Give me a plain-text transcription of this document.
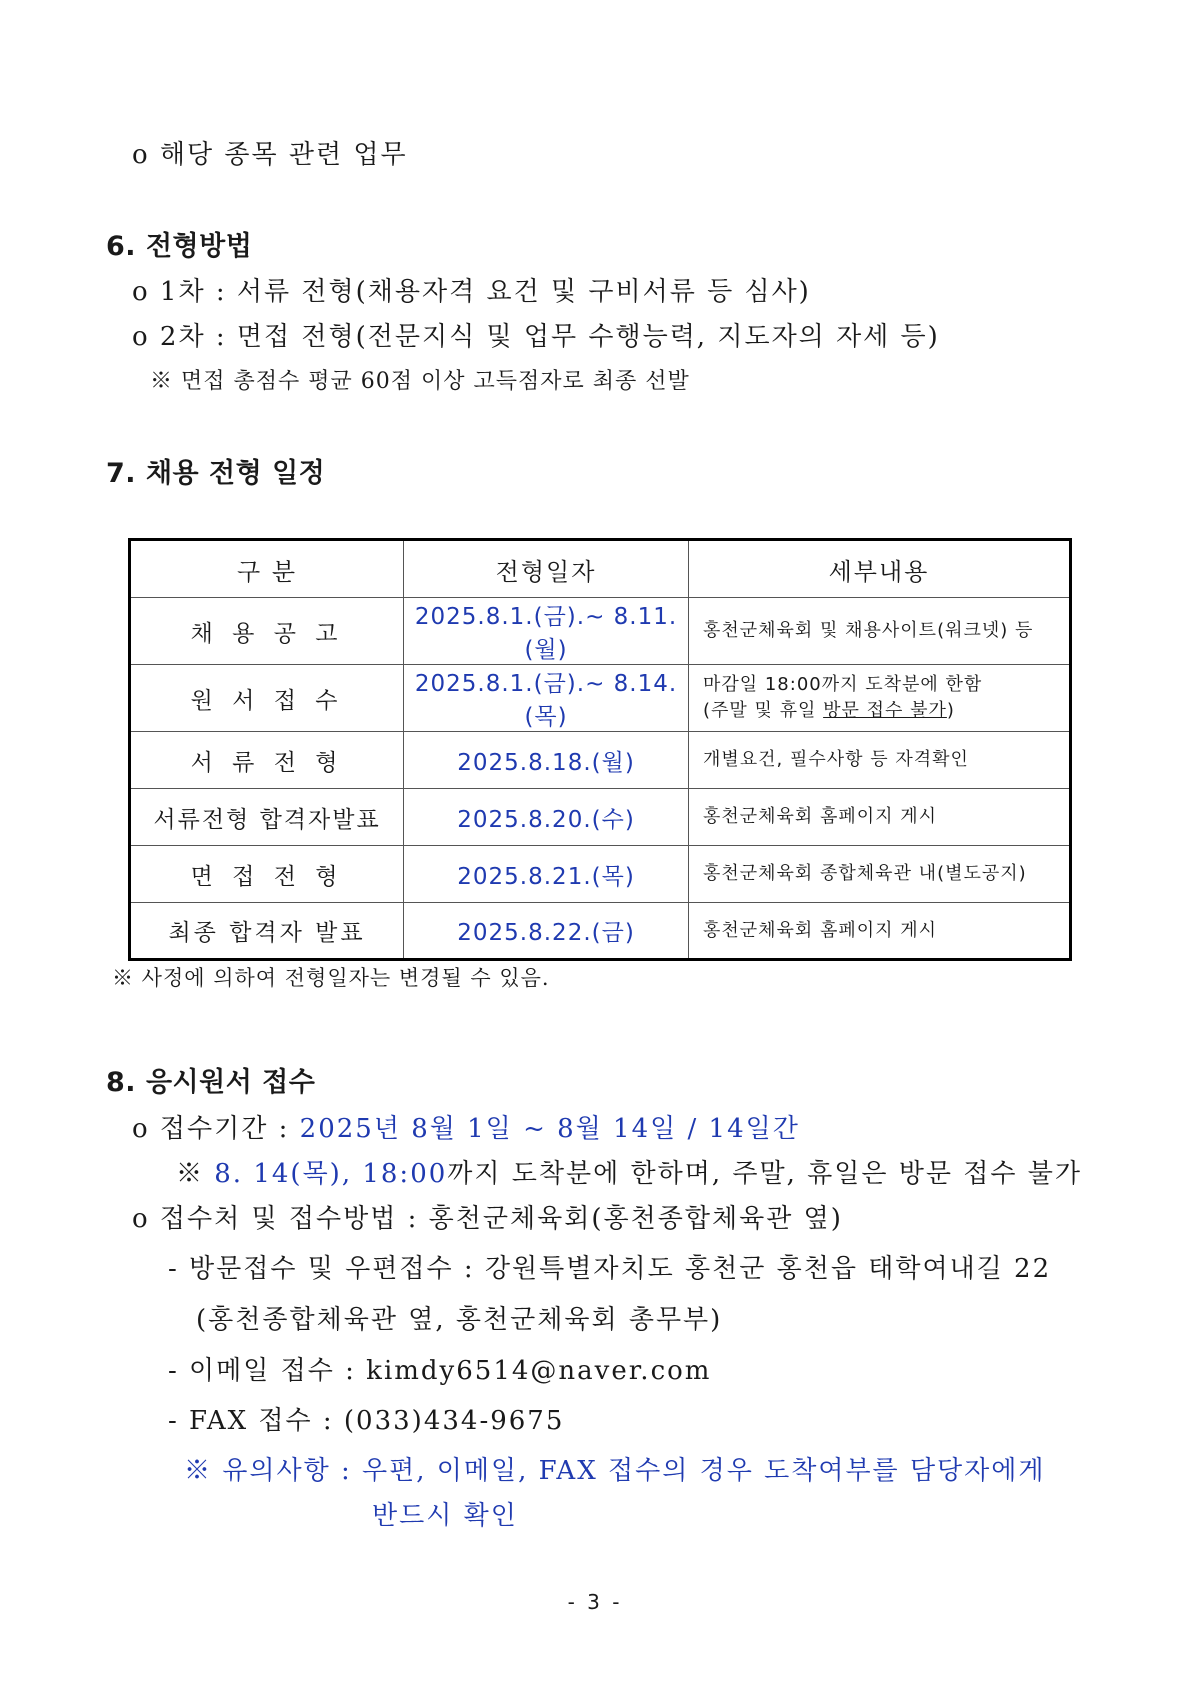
o 해당 종목 관련 업무
6. 전형방법
o 1차 : 서류 전형(채용자격 요건 및 구비서류 등 심사)
o 2차 : 면접 전형(전문지식 및 업무 수행능력, 지도자의 자세 등)
※ 면접 총점수 평균 60점 이상 고득점자로 최종 선발
7. 채용 전형 일정
구 분	전형일자	세부내용
채 용 공 고	2025.8.1.(금).~ 8.11.(월)	홍천군체육회 및 채용사이트(워크넷) 등
원 서 접 수	2025.8.1.(금).~ 8.14.(목)	마감일 18:00까지 도착분에 한함
(주말 및 휴일 방문 접수 불가)

서 류 전 형	2025.8.18.(월)	개별요건, 필수사항 등 자격확인
서류전형 합격자발표	2025.8.20.(수)	홍천군체육회 홈페이지 게시
면 접 전 형	2025.8.21.(목)	홍천군체육회 종합체육관 내(별도공지)
최종 합격자 발표	2025.8.22.(금)	홍천군체육회 홈페이지 게시
※ 사정에 의하여 전형일자는 변경될 수 있음.
8. 응시원서 접수
o 접수기간 : 2025년 8월 1일 ~ 8월 14일 / 14일간
※ 8. 14(목), 18:00까지 도착분에 한하며, 주말, 휴일은 방문 접수 불가
o 접수처 및 접수방법 : 홍천군체육회(홍천종합체육관 옆)
- 방문접수 및 우편접수 : 강원특별자치도 홍천군 홍천읍 태학여내길 22
(홍천종합체육관 옆, 홍천군체육회 총무부)
- 이메일 접수 : kimdy6514@naver.com
- FAX 접수 : (033)434-9675
※ 유의사항 : 우편, 이메일, FAX 접수의 경우 도착여부를 담당자에게
반드시 확인
- 3 -
